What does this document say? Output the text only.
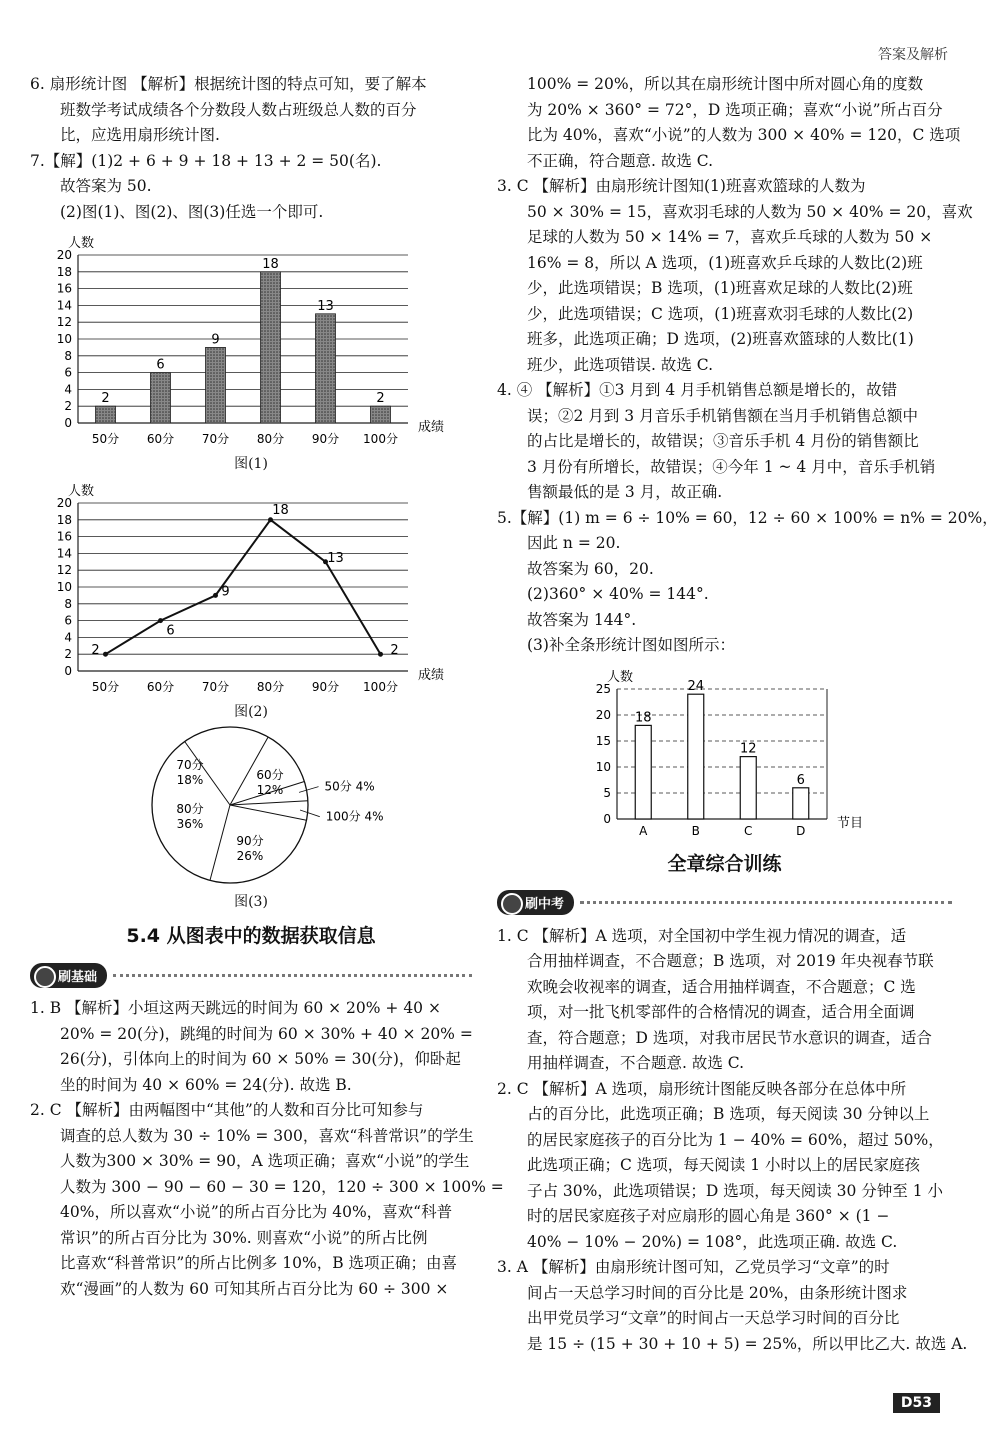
答案及解析
6. 扇形统计图 【解析】根据统计图的特点可知，要了解本
班数学考试成绩各个分数段人数占班级总人数的百分
比，应选用扇形统计图.
7.【解】(1)2 + 6 + 9 + 18 + 13 + 2 = 50(名).
故答案为 50.
(2)图(1)、图(2)、图(3)任选一个即可.
人数
0
2
4
6
8
10
12
14
16
18
20
成绩
2
50分
6
60分
9
70分
18
80分
13
90分
2
100分
图(1)
人数
0
2
4
6
8
10
12
14
16
18
20
成绩
2
50分
6
60分
9
70分
18
80分
13
90分
2
100分
图(2)
70分
18%	60分
12%	50分 4%
100分 4%
90分
26%
80分
36%
图(3)
5.4 从图表中的数据获取信息
刷基础
1. B 【解析】小垣这两天跳远的时间为 60 × 20% + 40 ×
20% = 20(分)，跳绳的时间为 60 × 30% + 40 × 20% =
26(分)，引体向上的时间为 60 × 50% = 30(分)，仰卧起
坐的时间为 40 × 60% = 24(分). 故选 B.
2. C 【解析】由两幅图中“其他”的人数和百分比可知参与
调查的总人数为 30 ÷ 10% = 300，喜欢“科普常识”的学生
人数为300 × 30% = 90，A 选项正确；喜欢“小说”的学生
人数为 300 − 90 − 60 − 30 = 120，120 ÷ 300 × 100% =
40%，所以喜欢“小说”的所占百分比为 40%，喜欢“科普
常识”的所占百分比为 30%. 则喜欢“小说”的所占比例
比喜欢“科普常识”的所占比例多 10%，B 选项正确；由喜
欢“漫画”的人数为 60 可知其所占百分比为 60 ÷ 300 ×
100% = 20%，所以其在扇形统计图中所对圆心角的度数
为 20% × 360° = 72°，D 选项正确；喜欢“小说”所占百分
比为 40%，喜欢“小说”的人数为 300 × 40% = 120，C 选项
不正确，符合题意. 故选 C.
3. C 【解析】由扇形统计图知(1)班喜欢篮球的人数为
50 × 30% = 15，喜欢羽毛球的人数为 50 × 40% = 20，喜欢
足球的人数为 50 × 14% = 7，喜欢乒乓球的人数为 50 ×
16% = 8，所以 A 选项，(1)班喜欢乒乓球的人数比(2)班
少，此选项错误；B 选项，(1)班喜欢足球的人数比(2)班
少，此选项错误；C 选项，(1)班喜欢羽毛球的人数比(2)
班多，此选项正确；D 选项，(2)班喜欢篮球的人数比(1)
班少，此选项错误. 故选 C.
4. ④ 【解析】①3 月到 4 月手机销售总额是增长的，故错
误；②2 月到 3 月音乐手机销售额在当月手机销售总额中
的占比是增长的，故错误；③音乐手机 4 月份的销售额比
3 月份有所增长，故错误；④今年 1 ~ 4 月中，音乐手机销
售额最低的是 3 月，故正确.
5.【解】(1) m = 6 ÷ 10% = 60，12 ÷ 60 × 100% = n% = 20%，
因此 n = 20.
故答案为 60，20.
(2)360° × 40% = 144°.
故答案为 144°.
(3)补全条形统计图如图所示：
人数
0
5
10
15
20
25
节目
18
A
24
B
12
C
6
D
全章综合训练
刷中考
1. C 【解析】A 选项，对全国初中学生视力情况的调查，适
合用抽样调查，不合题意；B 选项，对 2019 年央视春节联
欢晚会收视率的调查，适合用抽样调查，不合题意；C 选
项，对一批飞机零部件的合格情况的调查，适合用全面调
查，符合题意；D 选项，对我市居民节水意识的调查，适合
用抽样调查，不合题意. 故选 C.
2. C 【解析】A 选项，扇形统计图能反映各部分在总体中所
占的百分比，此选项正确；B 选项，每天阅读 30 分钟以上
的居民家庭孩子的百分比为 1 − 40% = 60%，超过 50%，
此选项正确；C 选项，每天阅读 1 小时以上的居民家庭孩
子占 30%，此选项错误；D 选项，每天阅读 30 分钟至 1 小
时的居民家庭孩子对应扇形的圆心角是 360° × (1 −
40% − 10% − 20%) = 108°，此选项正确. 故选 C.
3. A 【解析】由扇形统计图可知，乙党员学习“文章”的时
间占一天总学习时间的百分比是 20%，由条形统计图求
出甲党员学习“文章”的时间占一天总学习时间的百分比
是 15 ÷ (15 + 30 + 10 + 5) = 25%，所以甲比乙大. 故选 A.
D53
